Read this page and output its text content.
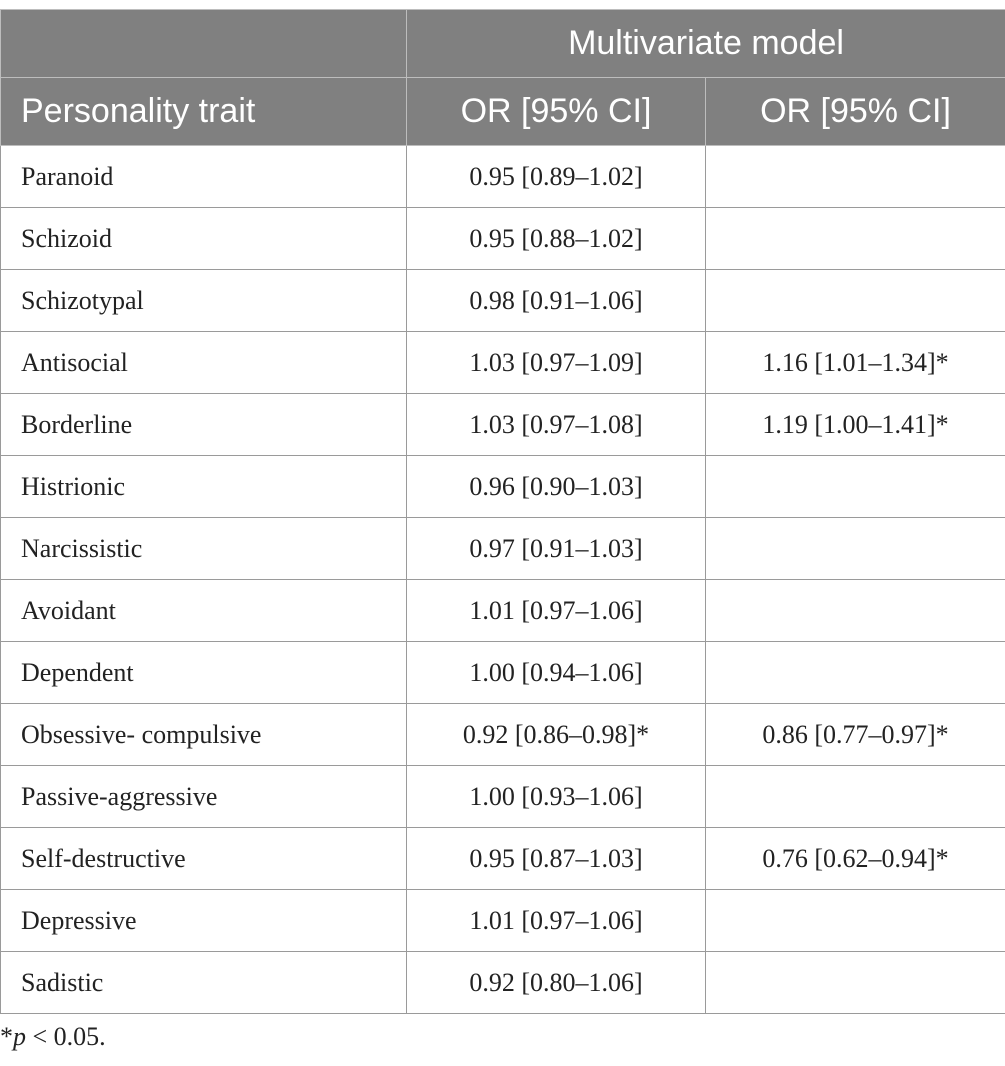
	Multivariate model	
Personality trait	OR [95% CI]	OR [95% CI]
Paranoid	0.95 [0.89–1.02]	
Schizoid	0.95 [0.88–1.02]	
Schizotypal	0.98 [0.91–1.06]	
Antisocial	1.03 [0.97–1.09]	1.16 [1.01–1.34]*
Borderline	1.03 [0.97–1.08]	1.19 [1.00–1.41]*
Histrionic	0.96 [0.90–1.03]	
Narcissistic	0.97 [0.91–1.03]	
Avoidant	1.01 [0.97–1.06]	
Dependent	1.00 [0.94–1.06]	
Obsessive- compulsive	0.92 [0.86–0.98]*	0.86 [0.77–0.97]*
Passive-aggressive	1.00 [0.93–1.06]	
Self-destructive	0.95 [0.87–1.03]	0.76 [0.62–0.94]*
Depressive	1.01 [0.97–1.06]	
Sadistic	0.92 [0.80–1.06]	
*p < 0.05.
